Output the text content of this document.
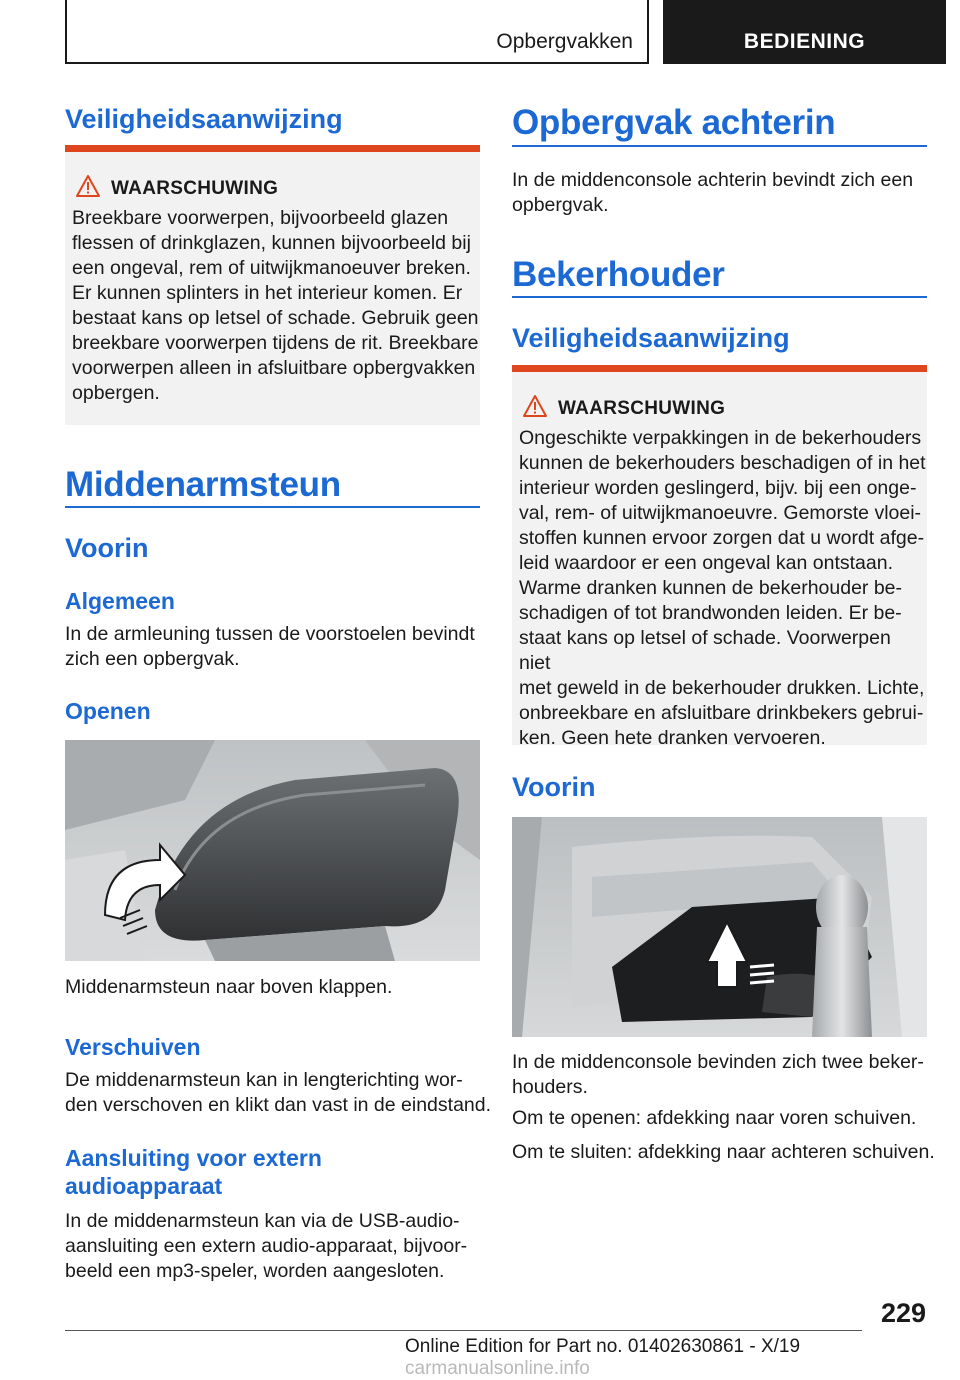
Opbergvakken	BEDIENING
Veiligheidsaanwijzing
WAARSCHUWING
Breekbare voorwerpen, bijvoorbeeld glazen
flessen of drinkglazen, kunnen bijvoorbeeld bij
een ongeval, rem of uitwijkmanoeuver breken.
Er kunnen splinters in het interieur komen. Er
bestaat kans op letsel of schade. Gebruik geen
breekbare voorwerpen tijdens de rit. Breekbare
voorwerpen alleen in afsluitbare opbergvakken
opbergen.
Middenarmsteun
Voorin
Algemeen
In de armleuning tussen de voorstoelen bevindt
zich een opbergvak.
Openen
Middenarmsteun naar boven klappen.
Verschuiven
De middenarmsteun kan in lengterichting wor-
den verschoven en klikt dan vast in de eindstand.
Aansluiting voor extern
audioapparaat
In de middenarmsteun kan via de USB-audio-
aansluiting een extern audio-apparaat, bijvoor-
beeld een mp3-speler, worden aangesloten.
Opbergvak achterin
In de middenconsole achterin bevindt zich een
opbergvak.
Bekerhouder
Veiligheidsaanwijzing
WAARSCHUWING
Ongeschikte verpakkingen in de bekerhouders
kunnen de bekerhouders beschadigen of in het
interieur worden geslingerd, bijv. bij een onge-
val, rem- of uitwijkmanoeuvre. Gemorste vloei-
stoffen kunnen ervoor zorgen dat u wordt afge-
leid waardoor er een ongeval kan ontstaan.
Warme dranken kunnen de bekerhouder be-
schadigen of tot brandwonden leiden. Er be-
staat kans op letsel of schade. Voorwerpen niet
met geweld in de bekerhouder drukken. Lichte,
onbreekbare en afsluitbare drinkbekers gebrui-
ken. Geen hete dranken vervoeren.
Voorin
In de middenconsole bevinden zich twee beker-
houders.
Om te openen: afdekking naar voren schuiven.
Om te sluiten: afdekking naar achteren schuiven.
229
Online Edition for Part no. 01402630861 - X/19 carmanualsonline.info
